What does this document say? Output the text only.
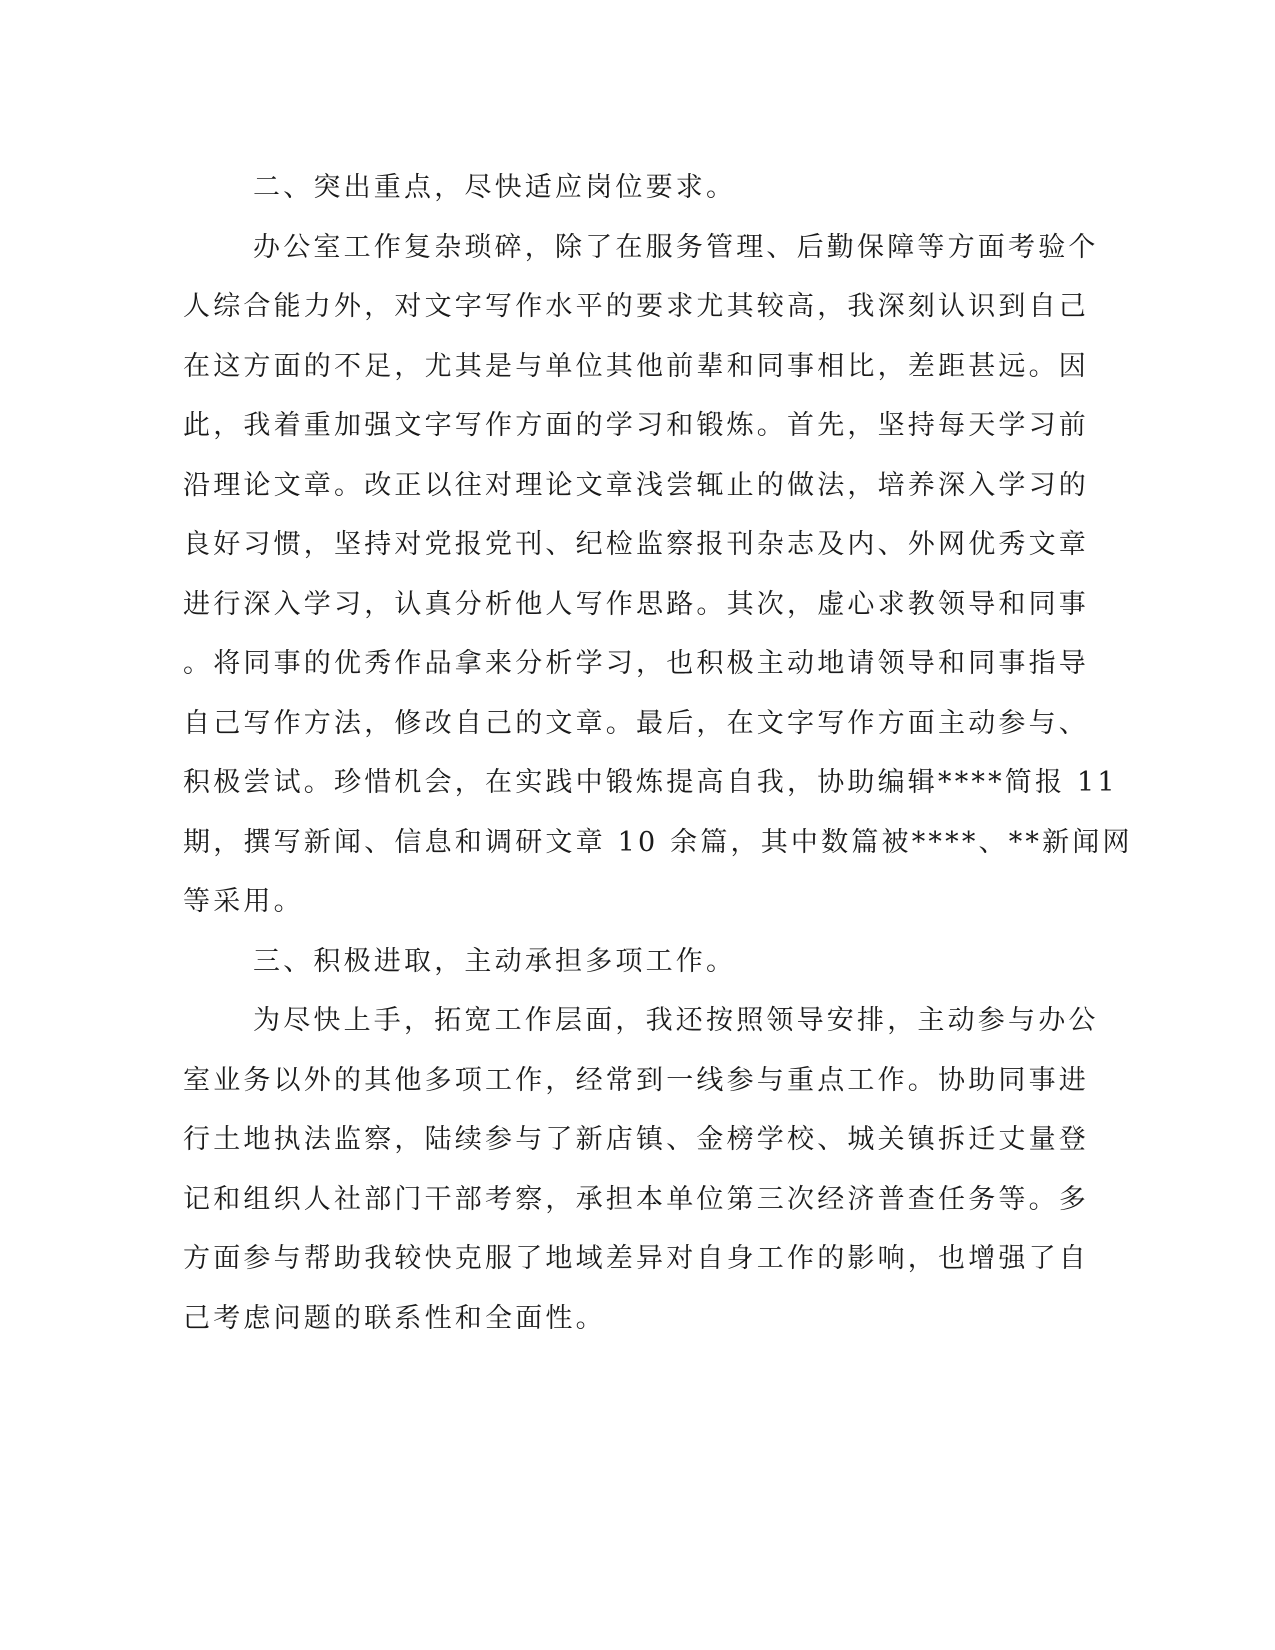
二、突出重点，尽快适应岗位要求。
办公室工作复杂琐碎，除了在服务管理、后勤保障等方面考验个
人综合能力外，对文字写作水平的要求尤其较高，我深刻认识到自己
在这方面的不足，尤其是与单位其他前辈和同事相比，差距甚远。因
此，我着重加强文字写作方面的学习和锻炼。首先，坚持每天学习前
沿理论文章。改正以往对理论文章浅尝辄止的做法，培养深入学习的
良好习惯，坚持对党报党刊、纪检监察报刊杂志及内、外网优秀文章
进行深入学习，认真分析他人写作思路。其次，虚心求教领导和同事
。将同事的优秀作品拿来分析学习，也积极主动地请领导和同事指导
自己写作方法，修改自己的文章。最后，在文字写作方面主动参与、
积极尝试。珍惜机会，在实践中锻炼提高自我，协助编辑****简报 11
期，撰写新闻、信息和调研文章 10 余篇，其中数篇被****、**新闻网
等采用。
三、积极进取，主动承担多项工作。
为尽快上手，拓宽工作层面，我还按照领导安排，主动参与办公
室业务以外的其他多项工作，经常到一线参与重点工作。协助同事进
行土地执法监察，陆续参与了新店镇、金榜学校、城关镇拆迁丈量登
记和组织人社部门干部考察，承担本单位第三次经济普查任务等。多
方面参与帮助我较快克服了地域差异对自身工作的影响，也增强了自
己考虑问题的联系性和全面性。
